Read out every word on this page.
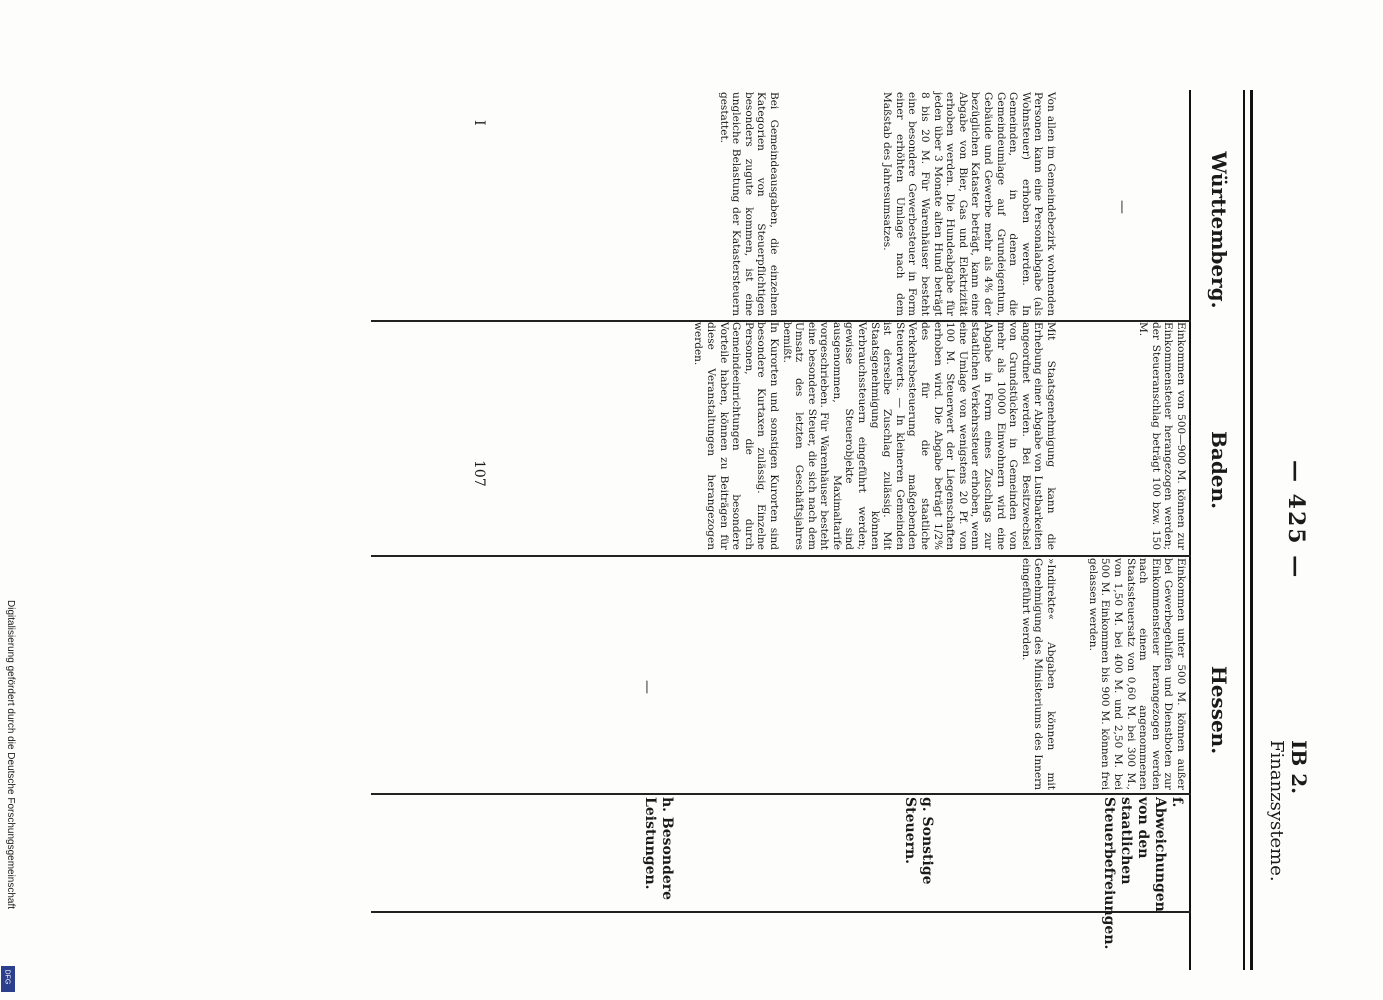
— 425 —
IB 2. Finanzsysteme.
Württemberg.
Baden.
Hessen.
f. Abweichungen von den staatlichen Steuerbefreiungen.
g. Sonstige Steuern.
h. Besondere Leistungen.
—
Einkommen von 500—900 M. können zur Einkommensteuer herangezogen werden; der Steueranschlag beträgt 100 bzw. 150 M.
Einkommen unter 500 M. können außer bei Gewerbegehilfen und Dienstboten zur Einkommensteuer herangezogen werden nach einem angenommenen Staatssteuersatz von 0,60 M. bei 300 M., von 1,50 M. bei 400 M. und 2,50 M. bei 500 M. Einkommen bis 900 M. können frei gelassen werden.
Von allen im Gemeindebezirk wohnenden Personen kann eine Personalabgabe (als Wohnsteuer) erhoben werden. In Gemeinden, in denen die Gemeindeumlage auf Grundeigentum, Gebäude und Gewerbe mehr als 4% der bezüglichen Kataster beträgt, kann eine Abgabe von Bier, Gas und Elektrizität erhoben werden. Die Hundeabgabe für jeden über 3 Monate alten Hund beträgt 8 bis 20 M. Für Warenhäuser besteht eine besondere Gewerbesteuer in Form einer erhöhten Umlage nach dem Maßstab des Jahresumsatzes.
Mit Staatsgenehmigung kann die Erhebung einer Abgabe von Lustbarkeiten angeordnet werden. Bei Besitzwechsel von Grundstücken in Gemeinden von mehr als 10000 Einwohnern wird eine Abgabe in Form eines Zuschlags zur staatlichen Verkehrssteuer erhoben, wenn eine Umlage von wenigstens 20 Pf. von 100 M. Steuerwert der Liegenschaften erhoben wird. Die Abgabe beträgt 1/2% des für die staatliche Verkehrsbesteuerung maßgebenden Steuerwerts. — In kleineren Gemeinden ist derselbe Zuschlag zulässig. Mit Staatsgenehmigung können Verbrauchssteuern eingeführt werden; gewisse Steuerobjekte sind ausgenommen, Maximaltarife vorgeschrieben. Für Warenhäuser besteht eine besondere Steuer, die sich nach dem Umsatz des letzten Geschäftsjahres bemißt.
»Indirekte« Abgaben können mit Genehmigung des Ministeriums des Innern eingeführt werden.
Bei Gemeindeausgaben, die einzelnen Kategorien von Steuerpflichtigen besonders zugute kommen, ist eine ungleiche Belastung der Katastersteuern gestattet.
In Kurorten und sonstigen Kurorten sind besondere Kurtaxen zulässig. Einzelne Personen, die durch Gemeindeeinrichtungen besondere Vorteile haben, können zu Beiträgen für diese Veranstaltungen herangezogen werden.
—
I
107
Digitalisierung gefördert durch die Deutsche Forschungsgemeinschaft
DFG
